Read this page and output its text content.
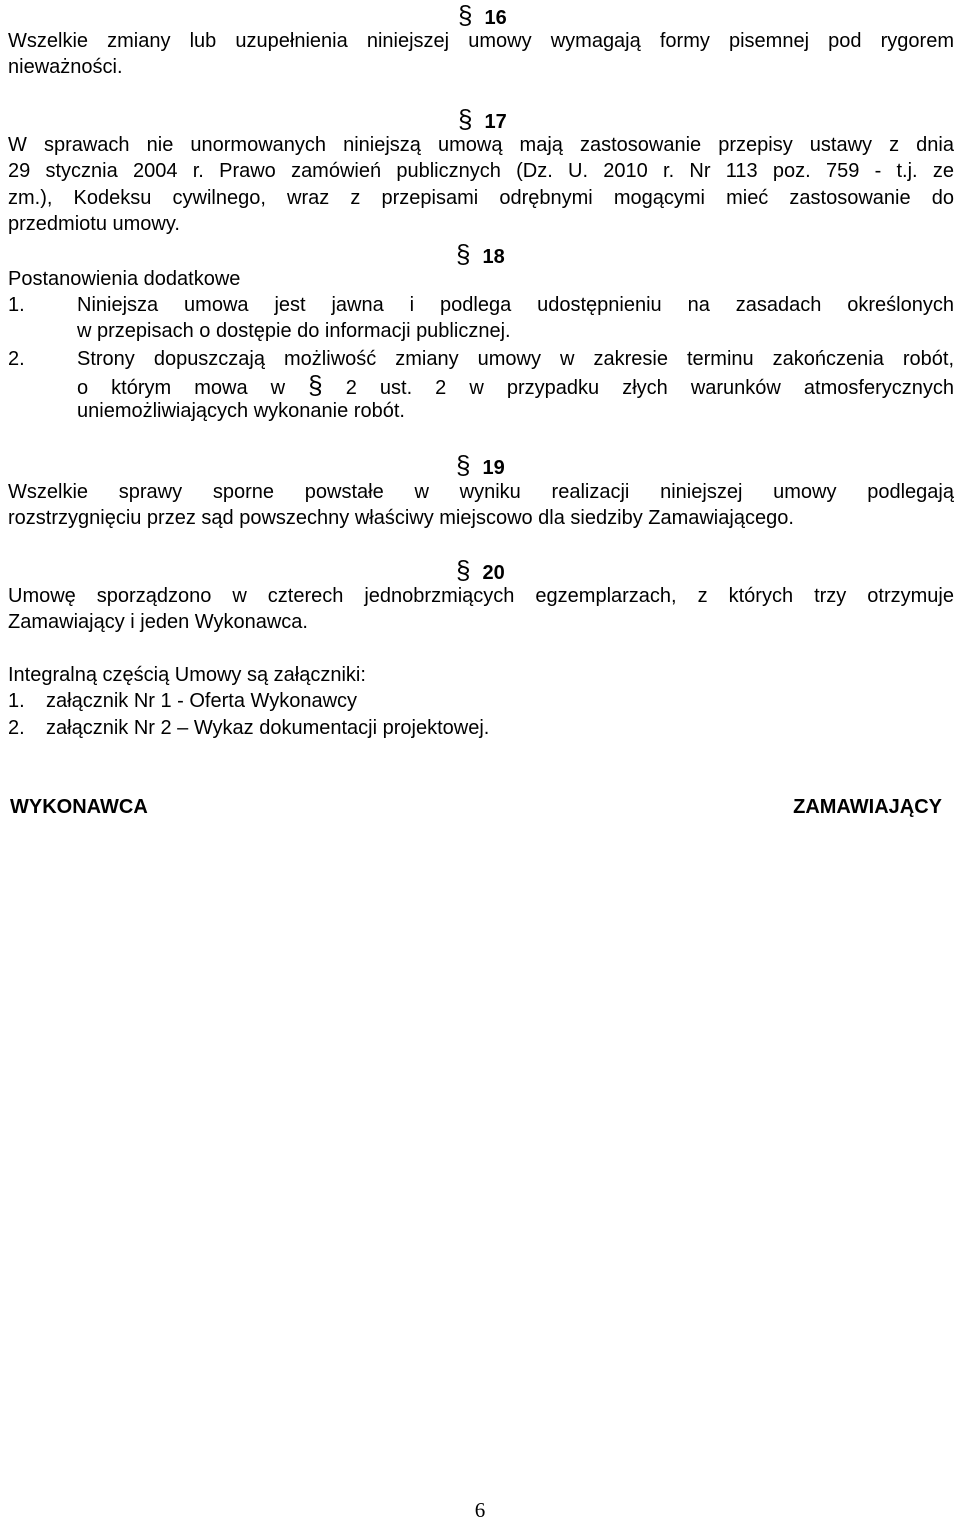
§ 16
Wszelkie zmiany lub uzupełnienia niniejszej umowy wymagają formy pisemnej pod rygorem
nieważności.
§ 17
W sprawach nie unormowanych niniejszą umową mają zastosowanie przepisy ustawy z dnia
29 stycznia 2004 r. Prawo zamówień publicznych (Dz. U. 2010 r. Nr 113 poz. 759 - t.j. ze
zm.), Kodeksu cywilnego, wraz z przepisami odrębnymi mogącymi mieć zastosowanie do
przedmiotu umowy.
§ 18
Postanowienia dodatkowe
1.	Niniejsza umowa jest jawna i podlega udostępnieniu na zasadach określonych
w przepisach o dostępie do informacji publicznej.
2.	Strony dopuszczają możliwość zmiany umowy w zakresie terminu zakończenia robót,
o którym mowa w § 2 ust. 2 w przypadku złych warunków atmosferycznych
uniemożliwiających wykonanie robót.
§ 19
Wszelkie sprawy sporne powstałe w wyniku realizacji niniejszej umowy podlegają
rozstrzygnięciu przez sąd powszechny właściwy miejscowo dla siedziby Zamawiającego.
§ 20
Umowę sporządzono w czterech jednobrzmiących egzemplarzach, z których trzy otrzymuje
Zamawiający i jeden Wykonawca.
Integralną częścią Umowy są załączniki:
1. załącznik Nr 1 - Oferta Wykonawcy
2. załącznik Nr 2 – Wykaz dokumentacji projektowej.
WYKONAWCA	ZAMAWIAJĄCY
6
